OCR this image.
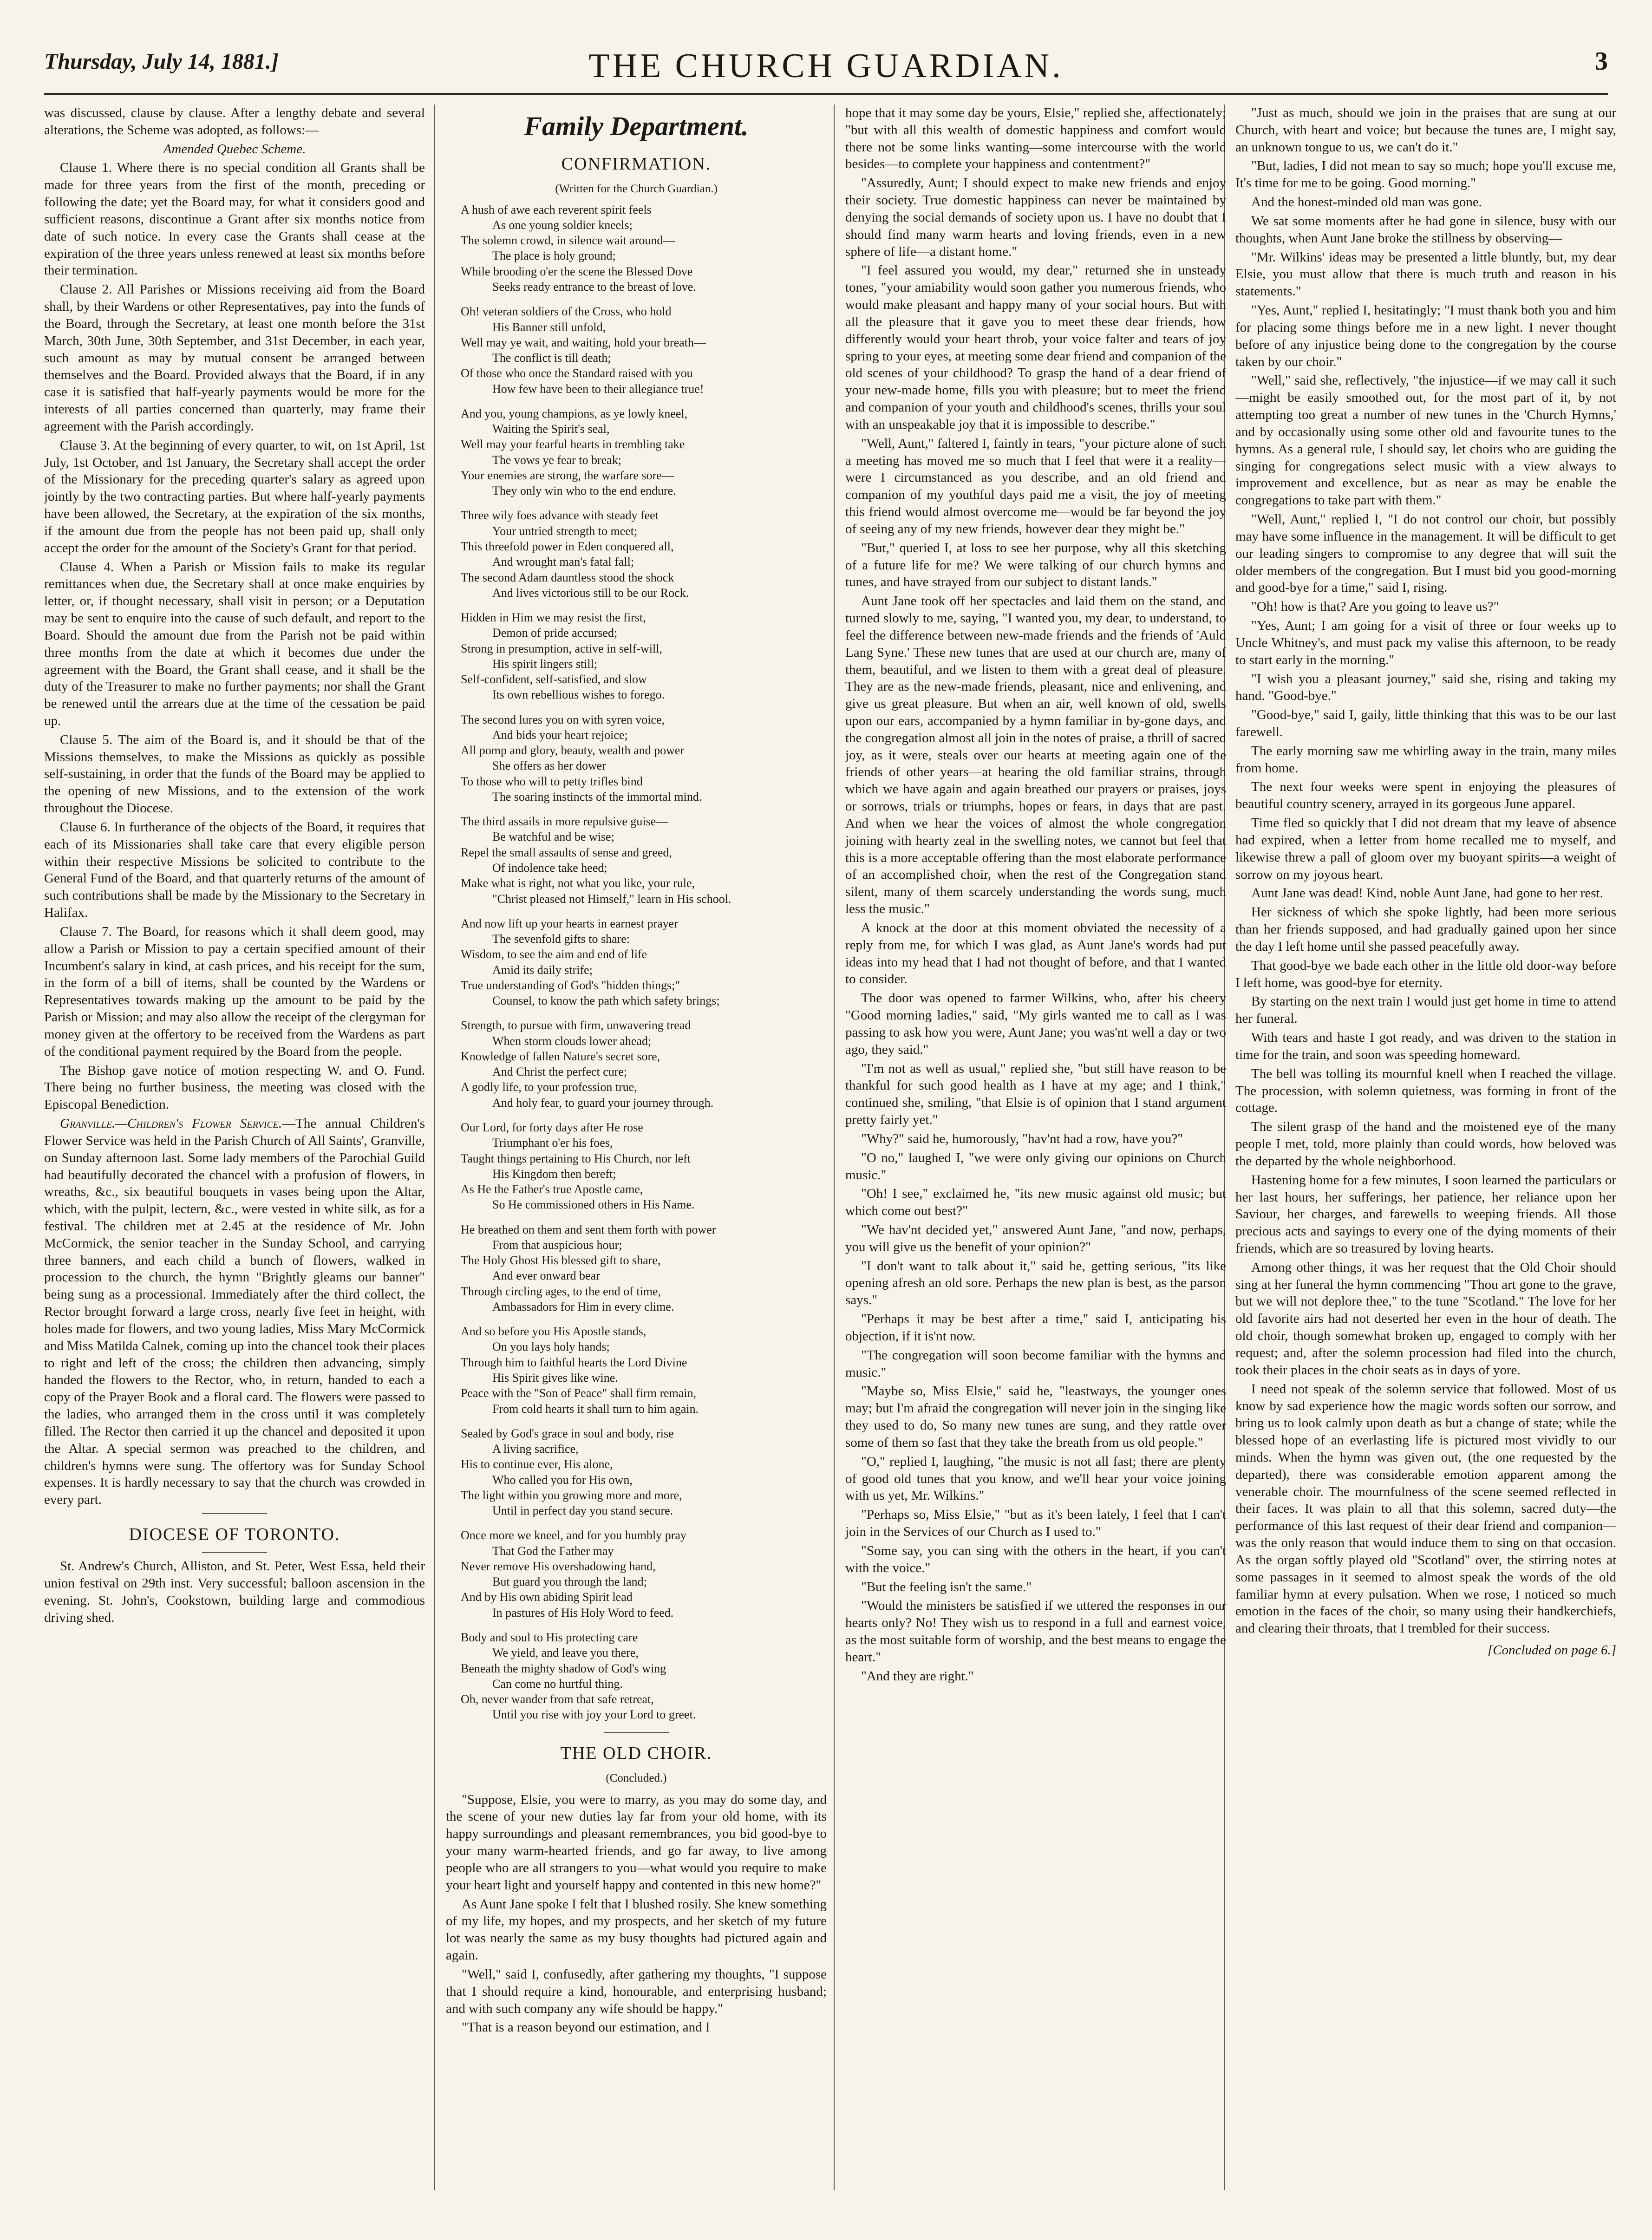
Thursday, July 14, 1881.]	THE CHURCH GUARDIAN.	3

was discussed, clause by clause. After a lengthy debate and several alterations, the Scheme was adopted, as follows:—

Amended Quebec Scheme.

Clause 1. Where there is no special condition all Grants shall be made for three years from the first of the month, preceding or following the date; yet the Board may, for what it considers good and sufficient reasons, discontinue a Grant after six months notice from date of such notice. In every case the Grants shall cease at the expiration of the three years unless renewed at least six months before their termination.

Clause 2. All Parishes or Missions receiving aid from the Board shall, by their Wardens or other Representatives, pay into the funds of the Board, through the Secretary, at least one month before the 31st March, 30th June, 30th September, and 31st December, in each year, such amount as may by mutual consent be arranged between themselves and the Board. Provided always that the Board, if in any case it is satisfied that half-yearly payments would be more for the interests of all parties concerned than quarterly, may frame their agreement with the Parish accordingly.

Clause 3. At the beginning of every quarter, to wit, on 1st April, 1st July, 1st October, and 1st January, the Secretary shall accept the order of the Missionary for the preceding quarter's salary as agreed upon jointly by the two contracting parties. But where half-yearly payments have been allowed, the Secretary, at the expiration of the six months, if the amount due from the people has not been paid up, shall only accept the order for the amount of the Society's Grant for that period.

Clause 4. When a Parish or Mission fails to make its regular remittances when due, the Secretary shall at once make enquiries by letter, or, if thought necessary, shall visit in person; or a Deputation may be sent to enquire into the cause of such default, and report to the Board. Should the amount due from the Parish not be paid within three months from the date at which it becomes due under the agreement with the Board, the Grant shall cease, and it shall be the duty of the Treasurer to make no further payments; nor shall the Grant be renewed until the arrears due at the time of the cessation be paid up.

Clause 5. The aim of the Board is, and it should be that of the Missions themselves, to make the Missions as quickly as possible self-sustaining, in order that the funds of the Board may be applied to the opening of new Missions, and to the extension of the work throughout the Diocese.

Clause 6. In furtherance of the objects of the Board, it requires that each of its Missionaries shall take care that every eligible person within their respective Missions be solicited to contribute to the General Fund of the Board, and that quarterly returns of the amount of such contributions shall be made by the Missionary to the Secretary in Halifax.

Clause 7. The Board, for reasons which it shall deem good, may allow a Parish or Mission to pay a certain specified amount of their Incumbent's salary in kind, at cash prices, and his receipt for the sum, in the form of a bill of items, shall be counted by the Wardens or Representatives towards making up the amount to be paid by the Parish or Mission; and may also allow the receipt of the clergyman for money given at the offertory to be received from the Wardens as part of the conditional payment required by the Board from the people.

The Bishop gave notice of motion respecting W. and O. Fund. There being no further business, the meeting was closed with the Episcopal Benediction.

Granville.—Children's Flower Service.—The annual Children's Flower Service was held in the Parish Church of All Saints', Granville, on Sunday afternoon last. Some lady members of the Parochial Guild had beautifully decorated the chancel with a profusion of flowers, in wreaths, &c., six beautiful bouquets in vases being upon the Altar, which, with the pulpit, lectern, &c., were vested in white silk, as for a festival. The children met at 2.45 at the residence of Mr. John McCormick, the senior teacher in the Sunday School, and carrying three banners, and each child a bunch of flowers, walked in procession to the church, the hymn "Brightly gleams our banner" being sung as a processional. Immediately after the third collect, the Rector brought forward a large cross, nearly five feet in height, with holes made for flowers, and two young ladies, Miss Mary McCormick and Miss Matilda Calnek, coming up into the chancel took their places to right and left of the cross; the children then advancing, simply handed the flowers to the Rector, who, in return, handed to each a copy of the Prayer Book and a floral card. The flowers were passed to the ladies, who arranged them in the cross until it was completely filled. The Rector then carried it up the chancel and deposited it upon the Altar. A special sermon was preached to the children, and children's hymns were sung. The offertory was for Sunday School expenses. It is hardly necessary to say that the church was crowded in every part.

DIOCESE OF TORONTO.

St. Andrew's Church, Alliston, and St. Peter, West Essa, held their union festival on 29th inst. Very successful; balloon ascension in the evening. St. John's, Cookstown, building large and commodious driving shed.

Family Department.
CONFIRMATION.
(Written for the Church Guardian.)
A hush of awe each reverent spirit feels
As one young soldier kneels;
The solemn crowd, in silence wait around—
The place is holy ground;
While brooding o'er the scene the Blessed Dove
Seeks ready entrance to the breast of love.
Oh! veteran soldiers of the Cross, who hold
His Banner still unfold,
Well may ye wait, and waiting, hold your breath—
The conflict is till death;
Of those who once the Standard raised with you
How few have been to their allegiance true!
And you, young champions, as ye lowly kneel,
Waiting the Spirit's seal,
Well may your fearful hearts in trembling take
The vows ye fear to break;
Your enemies are strong, the warfare sore—
They only win who to the end endure.
Three wily foes advance with steady feet
Your untried strength to meet;
This threefold power in Eden conquered all,
And wrought man's fatal fall;
The second Adam dauntless stood the shock
And lives victorious still to be our Rock.
Hidden in Him we may resist the first,
Demon of pride accursed;
Strong in presumption, active in self-will,
His spirit lingers still;
Self-confident, self-satisfied, and slow
Its own rebellious wishes to forego.
The second lures you on with syren voice,
And bids your heart rejoice;
All pomp and glory, beauty, wealth and power
She offers as her dower
To those who will to petty trifles bind
The soaring instincts of the immortal mind.
The third assails in more repulsive guise—
Be watchful and be wise;
Repel the small assaults of sense and greed,
Of indolence take heed;
Make what is right, not what you like, your rule,
"Christ pleased not Himself," learn in His school.
And now lift up your hearts in earnest prayer
The sevenfold gifts to share:
Wisdom, to see the aim and end of life
Amid its daily strife;
True understanding of God's "hidden things;"
Counsel, to know the path which safety brings;
Strength, to pursue with firm, unwavering tread
When storm clouds lower ahead;
Knowledge of fallen Nature's secret sore,
And Christ the perfect cure;
A godly life, to your profession true,
And holy fear, to guard your journey through.
Our Lord, for forty days after He rose
Triumphant o'er his foes,
Taught things pertaining to His Church, nor left
His Kingdom then bereft;
As He the Father's true Apostle came,
So He commissioned others in His Name.
He breathed on them and sent them forth with power
From that auspicious hour;
The Holy Ghost His blessed gift to share,
And ever onward bear
Through circling ages, to the end of time,
Ambassadors for Him in every clime.
And so before you His Apostle stands,
On you lays holy hands;
Through him to faithful hearts the Lord Divine
His Spirit gives like wine.
Peace with the "Son of Peace" shall firm remain,
From cold hearts it shall turn to him again.
Sealed by God's grace in soul and body, rise
A living sacrifice,
His to continue ever, His alone,
Who called you for His own,
The light within you growing more and more,
Until in perfect day you stand secure.
Once more we kneel, and for you humbly pray
That God the Father may
Never remove His overshadowing hand,
But guard you through the land;
And by His own abiding Spirit lead
In pastures of His Holy Word to feed.
Body and soul to His protecting care
We yield, and leave you there,
Beneath the mighty shadow of God's wing
Can come no hurtful thing.
Oh, never wander from that safe retreat,
Until you rise with joy your Lord to greet.
THE OLD CHOIR.
(Concluded.)

"Suppose, Elsie, you were to marry, as you may do some day, and the scene of your new duties lay far from your old home, with its happy surroundings and pleasant remembrances, you bid good-bye to your many warm-hearted friends, and go far away, to live among people who are all strangers to you—what would you require to make your heart light and yourself happy and contented in this new home?"

As Aunt Jane spoke I felt that I blushed rosily. She knew something of my life, my hopes, and my prospects, and her sketch of my future lot was nearly the same as my busy thoughts had pictured again and again.

"Well," said I, confusedly, after gathering my thoughts, "I suppose that I should require a kind, honourable, and enterprising husband; and with such company any wife should be happy."

"That is a reason beyond our estimation, and I

hope that it may some day be yours, Elsie," replied she, affectionately; "but with all this wealth of domestic happiness and comfort would there not be some links wanting—some intercourse with the world besides—to complete your happiness and contentment?"

"Assuredly, Aunt; I should expect to make new friends and enjoy their society. True domestic happiness can never be maintained by denying the social demands of society upon us. I have no doubt that I should find many warm hearts and loving friends, even in a new sphere of life—a distant home."

"I feel assured you would, my dear," returned she in unsteady tones, "your amiability would soon gather you numerous friends, who would make pleasant and happy many of your social hours. But with all the pleasure that it gave you to meet these dear friends, how differently would your heart throb, your voice falter and tears of joy spring to your eyes, at meeting some dear friend and companion of the old scenes of your childhood? To grasp the hand of a dear friend of your new-made home, fills you with pleasure; but to meet the friend and companion of your youth and childhood's scenes, thrills your soul with an unspeakable joy that it is impossible to describe."

"Well, Aunt," faltered I, faintly in tears, "your picture alone of such a meeting has moved me so much that I feel that were it a reality—were I circumstanced as you describe, and an old friend and companion of my youthful days paid me a visit, the joy of meeting this friend would almost overcome me—would be far beyond the joy of seeing any of my new friends, however dear they might be."

"But," queried I, at loss to see her purpose, why all this sketching of a future life for me? We were talking of our church hymns and tunes, and have strayed from our subject to distant lands."

Aunt Jane took off her spectacles and laid them on the stand, and turned slowly to me, saying, "I wanted you, my dear, to understand, to feel the difference between new-made friends and the friends of 'Auld Lang Syne.' These new tunes that are used at our church are, many of them, beautiful, and we listen to them with a great deal of pleasure. They are as the new-made friends, pleasant, nice and enlivening, and give us great pleasure. But when an air, well known of old, swells upon our ears, accompanied by a hymn familiar in by-gone days, and the congregation almost all join in the notes of praise, a thrill of sacred joy, as it were, steals over our hearts at meeting again one of the friends of other years—at hearing the old familiar strains, through which we have again and again breathed our prayers or praises, joys or sorrows, trials or triumphs, hopes or fears, in days that are past. And when we hear the voices of almost the whole congregation joining with hearty zeal in the swelling notes, we cannot but feel that this is a more acceptable offering than the most elaborate performance of an accomplished choir, when the rest of the Congregation stand silent, many of them scarcely understanding the words sung, much less the music."

A knock at the door at this moment obviated the necessity of a reply from me, for which I was glad, as Aunt Jane's words had put ideas into my head that I had not thought of before, and that I wanted to consider.

The door was opened to farmer Wilkins, who, after his cheery "Good morning ladies," said, "My girls wanted me to call as I was passing to ask how you were, Aunt Jane; you was'nt well a day or two ago, they said."

"I'm not as well as usual," replied she, "but still have reason to be thankful for such good health as I have at my age; and I think," continued she, smiling, "that Elsie is of opinion that I stand argument pretty fairly yet."

"Why?" said he, humorously, "hav'nt had a row, have you?"

"O no," laughed I, "we were only giving our opinions on Church music."

"Oh! I see," exclaimed he, "its new music against old music; but which come out best?"

"We hav'nt decided yet," answered Aunt Jane, "and now, perhaps, you will give us the benefit of your opinion?"

"I don't want to talk about it," said he, getting serious, "its like opening afresh an old sore. Perhaps the new plan is best, as the parson says."

"Perhaps it may be best after a time," said I, anticipating his objection, if it is'nt now.

"The congregation will soon become familiar with the hymns and music."

"Maybe so, Miss Elsie," said he, "leastways, the younger ones may; but I'm afraid the congregation will never join in the singing like they used to do, So many new tunes are sung, and they rattle over some of them so fast that they take the breath from us old people."

"O," replied I, laughing, "the music is not all fast; there are plenty of good old tunes that you know, and we'll hear your voice joining with us yet, Mr. Wilkins."

"Perhaps so, Miss Elsie," "but as it's been lately, I feel that I can't join in the Services of our Church as I used to."

"Some say, you can sing with the others in the heart, if you can't with the voice."

"But the feeling isn't the same."

"Would the ministers be satisfied if we uttered the responses in our hearts only? No! They wish us to respond in a full and earnest voice, as the most suitable form of worship, and the best means to engage the heart."

"And they are right."

"Just as much, should we join in the praises that are sung at our Church, with heart and voice; but because the tunes are, I might say, an unknown tongue to us, we can't do it."

"But, ladies, I did not mean to say so much; hope you'll excuse me, It's time for me to be going. Good morning."

And the honest-minded old man was gone.

We sat some moments after he had gone in silence, busy with our thoughts, when Aunt Jane broke the stillness by observing—

"Mr. Wilkins' ideas may be presented a little bluntly, but, my dear Elsie, you must allow that there is much truth and reason in his statements."

"Yes, Aunt," replied I, hesitatingly; "I must thank both you and him for placing some things before me in a new light. I never thought before of any injustice being done to the congregation by the course taken by our choir."

"Well," said she, reflectively, "the injustice—if we may call it such—might be easily smoothed out, for the most part of it, by not attempting too great a number of new tunes in the 'Church Hymns,' and by occasionally using some other old and favourite tunes to the hymns. As a general rule, I should say, let choirs who are guiding the singing for congregations select music with a view always to improvement and excellence, but as near as may be enable the congregations to take part with them."

"Well, Aunt," replied I, "I do not control our choir, but possibly may have some influence in the management. It will be difficult to get our leading singers to compromise to any degree that will suit the older members of the congregation. But I must bid you good-morning and good-bye for a time," said I, rising.

"Oh! how is that? Are you going to leave us?"

"Yes, Aunt; I am going for a visit of three or four weeks up to Uncle Whitney's, and must pack my valise this afternoon, to be ready to start early in the morning."

"I wish you a pleasant journey," said she, rising and taking my hand. "Good-bye."

"Good-bye," said I, gaily, little thinking that this was to be our last farewell.

The early morning saw me whirling away in the train, many miles from home.

The next four weeks were spent in enjoying the pleasures of beautiful country scenery, arrayed in its gorgeous June apparel.

Time fled so quickly that I did not dream that my leave of absence had expired, when a letter from home recalled me to myself, and likewise threw a pall of gloom over my buoyant spirits—a weight of sorrow on my joyous heart.

Aunt Jane was dead! Kind, noble Aunt Jane, had gone to her rest.

Her sickness of which she spoke lightly, had been more serious than her friends supposed, and had gradually gained upon her since the day I left home until she passed peacefully away.

That good-bye we bade each other in the little old door-way before I left home, was good-bye for eternity.

By starting on the next train I would just get home in time to attend her funeral.

With tears and haste I got ready, and was driven to the station in time for the train, and soon was speeding homeward.

The bell was tolling its mournful knell when I reached the village. The procession, with solemn quietness, was forming in front of the cottage.

The silent grasp of the hand and the moistened eye of the many people I met, told, more plainly than could words, how beloved was the departed by the whole neighborhood.

Hastening home for a few minutes, I soon learned the particulars or her last hours, her sufferings, her patience, her reliance upon her Saviour, her charges, and farewells to weeping friends. All those precious acts and sayings to every one of the dying moments of their friends, which are so treasured by loving hearts.

Among other things, it was her request that the Old Choir should sing at her funeral the hymn commencing "Thou art gone to the grave, but we will not deplore thee," to the tune "Scotland." The love for her old favorite airs had not deserted her even in the hour of death. The old choir, though somewhat broken up, engaged to comply with her request; and, after the solemn procession had filed into the church, took their places in the choir seats as in days of yore.

I need not speak of the solemn service that followed. Most of us know by sad experience how the magic words soften our sorrow, and bring us to look calmly upon death as but a change of state; while the blessed hope of an everlasting life is pictured most vividly to our minds. When the hymn was given out, (the one requested by the departed), there was considerable emotion apparent among the venerable choir. The mournfulness of the scene seemed reflected in their faces. It was plain to all that this solemn, sacred duty—the performance of this last request of their dear friend and companion—was the only reason that would induce them to sing on that occasion. As the organ softly played old "Scotland" over, the stirring notes at some passages in it seemed to almost speak the words of the old familiar hymn at every pulsation. When we rose, I noticed so much emotion in the faces of the choir, so many using their handkerchiefs, and clearing their throats, that I trembled for their success.

[Concluded on page 6.]
